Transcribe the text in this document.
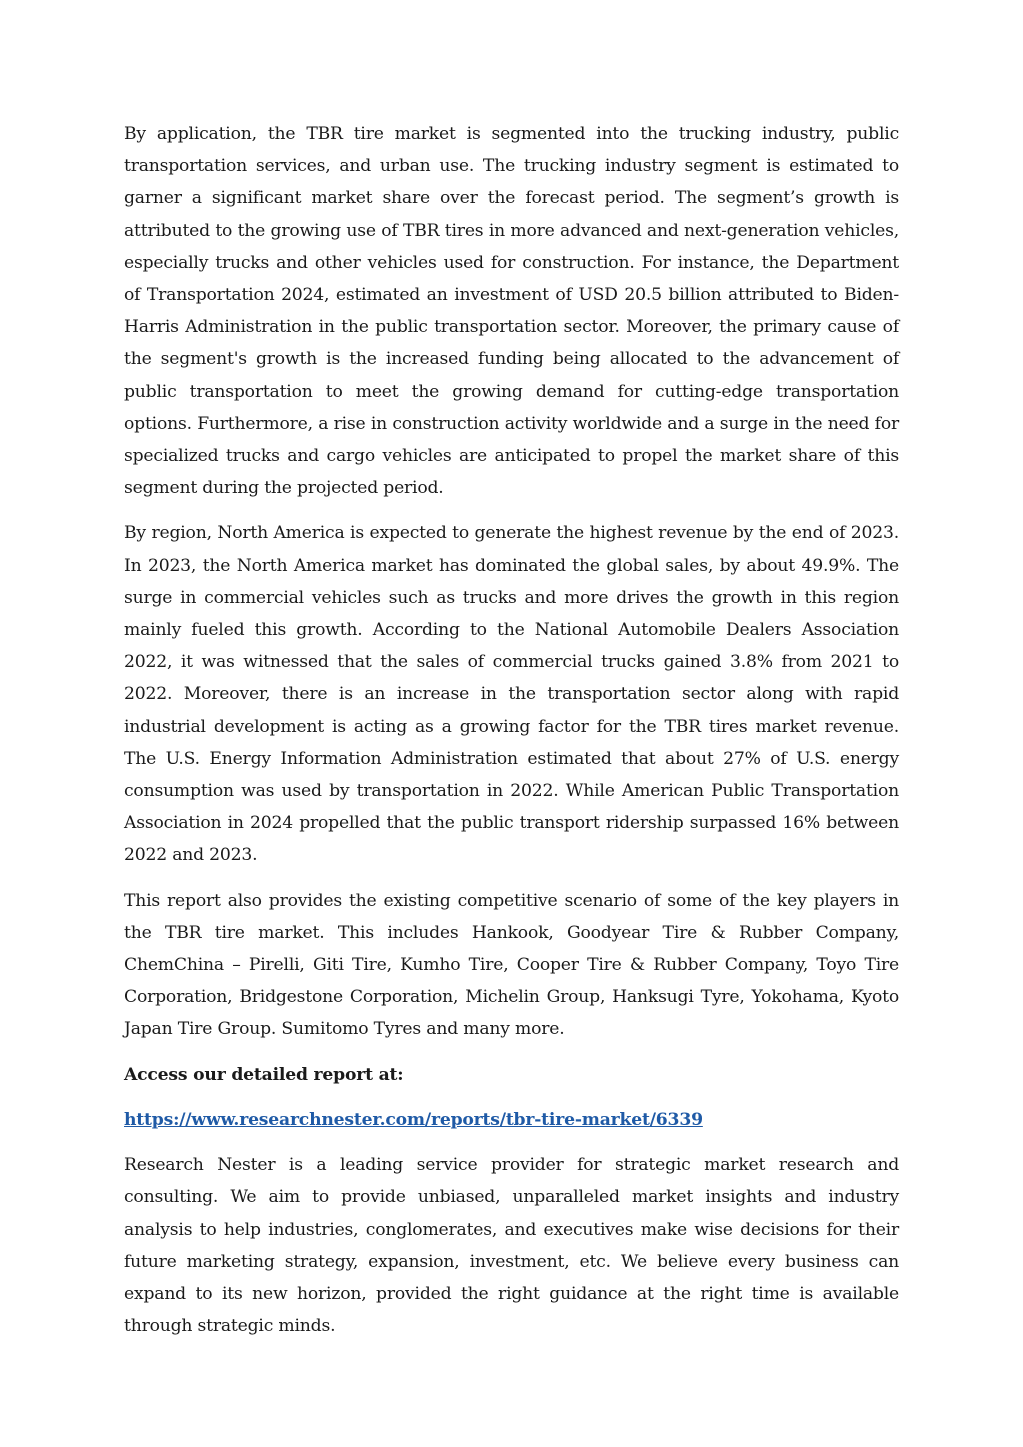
By application, the TBR tire market is segmented into the trucking industry, public transportation services, and urban use. The trucking industry segment is estimated to garner a significant market share over the forecast period. The segment’s growth is attributed to the growing use of TBR tires in more advanced and next-generation vehicles, especially trucks and other vehicles used for construction. For instance, the Department of Transportation 2024, estimated an investment of USD 20.5 billion attributed to Biden-Harris Administration in the public transportation sector. Moreover, the primary cause of the segment's growth is the increased funding being allocated to the advancement of public transportation to meet the growing demand for cutting-edge transportation options. Furthermore, a rise in construction activity worldwide and a surge in the need for specialized trucks and cargo vehicles are anticipated to propel the market share of this segment during the projected period.

By region, North America is expected to generate the highest revenue by the end of 2023. In 2023, the North America market has dominated the global sales, by about 49.9%. The surge in commercial vehicles such as trucks and more drives the growth in this region mainly fueled this growth. According to the National Automobile Dealers Association 2022, it was witnessed that the sales of commercial trucks gained 3.8% from 2021 to 2022. Moreover, there is an increase in the transportation sector along with rapid industrial development is acting as a growing factor for the TBR tires market revenue. The U.S. Energy Information Administration estimated that about 27% of U.S. energy consumption was used by transportation in 2022. While American Public Transportation Association in 2024 propelled that the public transport ridership surpassed 16% between 2022 and 2023.

This report also provides the existing competitive scenario of some of the key players in the TBR tire market. This includes Hankook, Goodyear Tire & Rubber Company, ChemChina – Pirelli, Giti Tire, Kumho Tire, Cooper Tire & Rubber Company, Toyo Tire Corporation, Bridgestone Corporation, Michelin Group, Hanksugi Tyre, Yokohama, Kyoto Japan Tire Group. Sumitomo Tyres and many more.

Access our detailed report at:

https://www.researchnester.com/reports/tbr-tire-market/6339

Research Nester is a leading service provider for strategic market research and consulting. We aim to provide unbiased, unparalleled market insights and industry analysis to help industries, conglomerates, and executives make wise decisions for their future marketing strategy, expansion, investment, etc. We believe every business can expand to its new horizon, provided the right guidance at the right time is available through strategic minds.
